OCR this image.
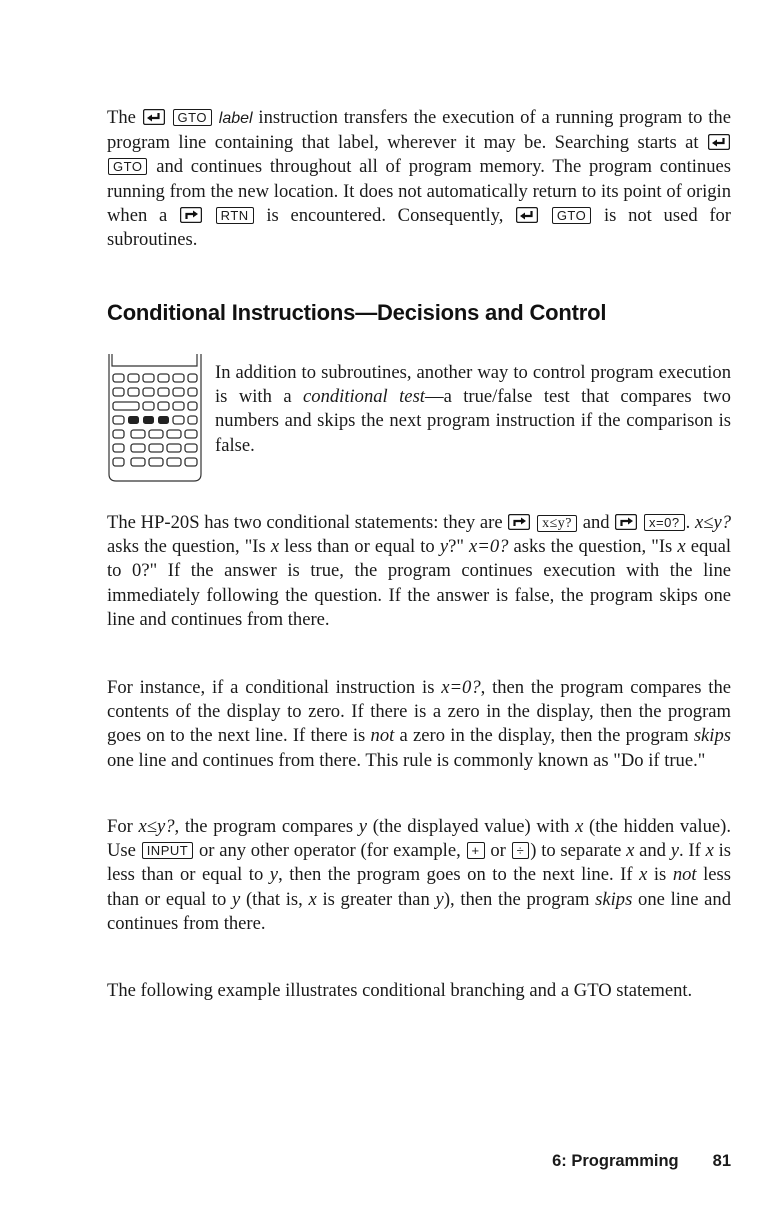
The	GTO label instruction transfers the execution of a running program to the program line containing that label, wherever it may be. Searching starts at
GTO and continues throughout all of program memory. The program continues running from the new location. It does not automatically return to its point of origin when a	RTN is encountered. Consequently,	GTO is not used for subroutines.

Conditional Instructions—Decisions and Control

In addition to subroutines, another way to control program execution is with a conditional test—a true/false test that compares two numbers and skips the next program instruction if the comparison is false.

The HP-20S has two conditional statements: they are
x≤y? and	x=0? . x≤y? asks the question, "Is x less than or equal to y?" x=0? asks the question, "Is x equal to 0?" If the answer is true, the program continues execution with the line immediately following the question. If the answer is false, the program skips one line and continues from there.

For instance, if a conditional instruction is x=0?, then the program compares the contents of the display to zero. If there is a zero in the display, then the program goes on to the next line. If there is not a zero in the display, then the program skips one line and continues from there. This rule is commonly known as "Do if true."

For x≤y?, the program compares y (the displayed value) with x (the hidden value). Use INPUT or any other operator (for example, + or ÷ ) to separate x and y. If x is less than or equal to y, then the program goes on to the next line. If x is not less than or equal to y (that is, x is greater than y), then the program skips one line and continues from there.

The following example illustrates conditional branching and a GTO statement.

6: Programming 81
